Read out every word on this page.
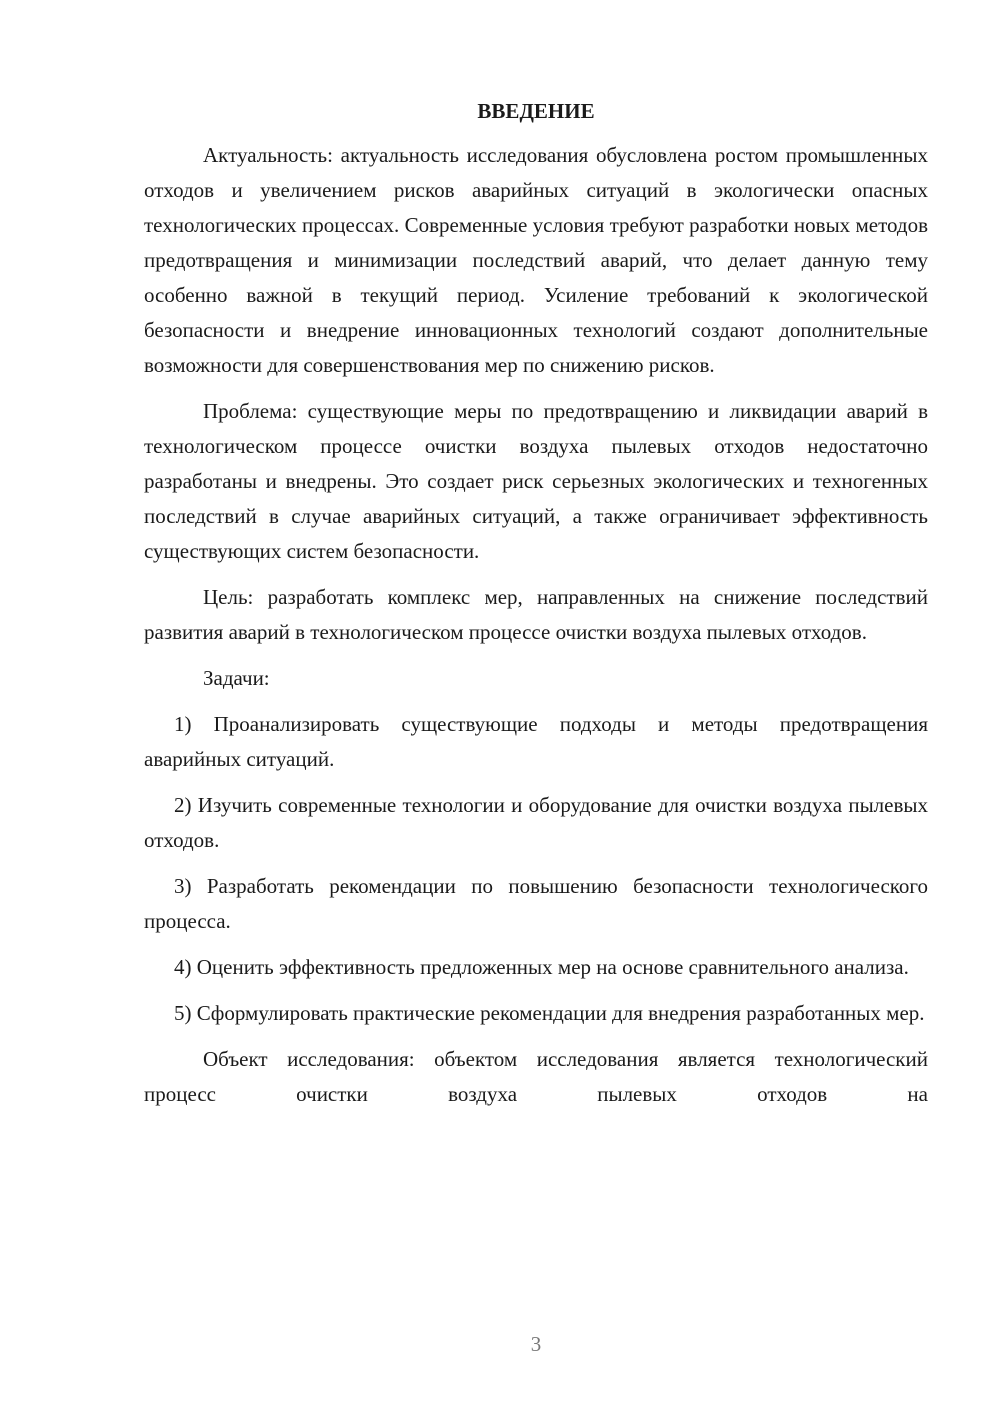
ВВЕДЕНИЕ

Актуальность: актуальность исследования обусловлена ростом промышленных отходов и увеличением рисков аварийных ситуаций в экологически опасных технологических процессах. Современные условия требуют разработки новых методов предотвращения и минимизации последствий аварий, что делает данную тему особенно важной в текущий период. Усиление требований к экологической безопасности и внедрение инновационных технологий создают дополнительные возможности для совершенствования мер по снижению рисков.

Проблема: существующие меры по предотвращению и ликвидации аварий в технологическом процессе очистки воздуха пылевых отходов недостаточно разработаны и внедрены. Это создает риск серьезных экологических и техногенных последствий в случае аварийных ситуаций, а также ограничивает эффективность существующих систем безопасности.

Цель: разработать комплекс мер, направленных на снижение последствий развития аварий в технологическом процессе очистки воздуха пылевых отходов.

Задачи:

1) Проанализировать существующие подходы и методы предотвращения аварийных ситуаций.

2) Изучить современные технологии и оборудование для очистки воздуха пылевых отходов.

3) Разработать рекомендации по повышению безопасности технологического процесса.

4) Оценить эффективность предложенных мер на основе сравнительного анализа.

5) Сформулировать практические рекомендации для внедрения разработанных мер.

Объект исследования: объектом исследования является технологический процесс очистки воздуха пылевых отходов на

3
